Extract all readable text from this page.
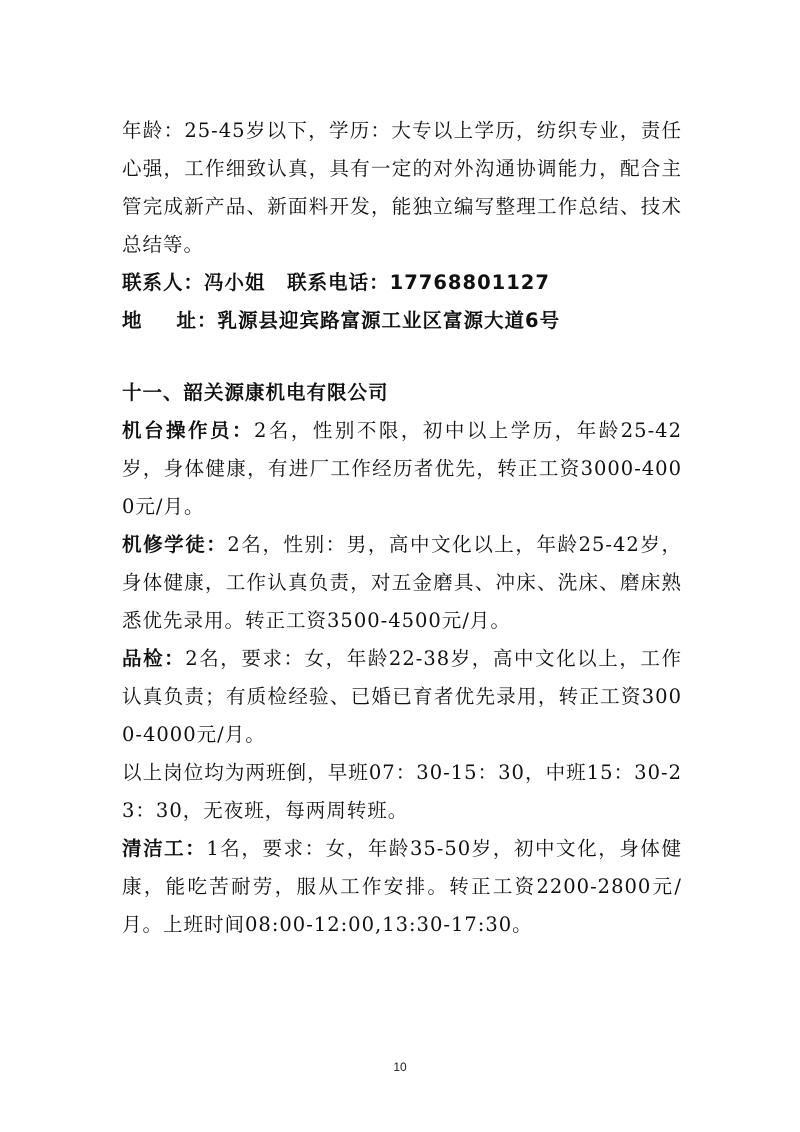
年龄：25-45岁以下，学历：大专以上学历，纺织专业，责任心强，工作细致认真，具有一定的对外沟通协调能力，配合主管完成新产品、新面料开发，能独立编写整理工作总结、技术总结等。

联系人：冯小姐 联系电话：17768801127

地 址：乳源县迎宾路富源工业区富源大道6号

十一、韶关源康机电有限公司

机台操作员：2名，性别不限，初中以上学历，年龄25-42岁，身体健康，有进厂工作经历者优先，转正工资3000-4000元/月。

机修学徒：2名，性别：男，高中文化以上，年龄25-42岁，身体健康，工作认真负责，对五金磨具、冲床、洗床、磨床熟悉优先录用。转正工资3500-4500元/月。

品检：2名，要求：女，年龄22-38岁，高中文化以上，工作认真负责；有质检经验、已婚已育者优先录用，转正工资3000-4000元/月。

以上岗位均为两班倒，早班07：30-15：30，中班15：30-23：30，无夜班，每两周转班。

清洁工：1名，要求：女，年龄35-50岁，初中文化，身体健康，能吃苦耐劳，服从工作安排。转正工资2200-2800元/月。上班时间08:00-12:00,13:30-17:30。

10
